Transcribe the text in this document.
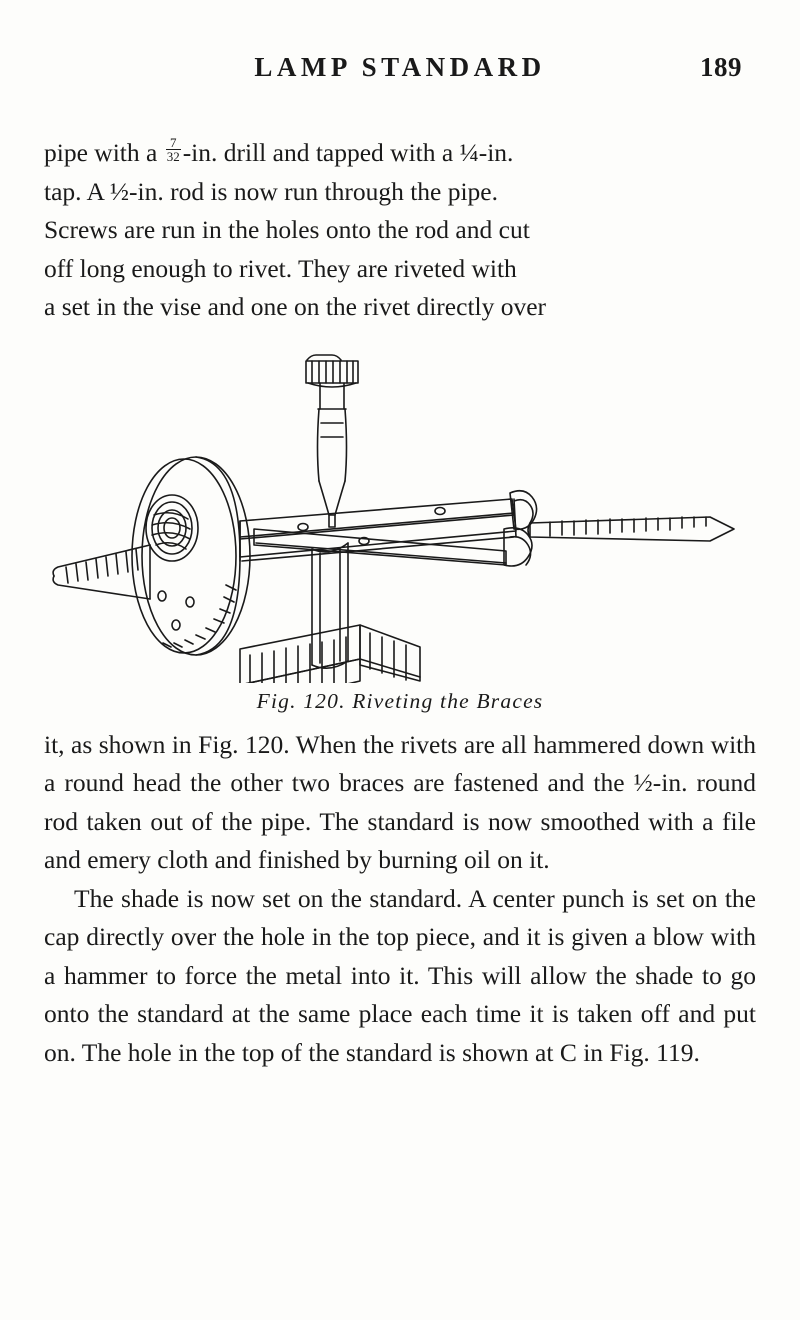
LAMP STANDARD	189

pipe with a $\frac{7}{32} -in$. drill and tapped with a ¼-in.
tap. A ½-in. rod is now run through the pipe.
Screws are run in the holes onto the rod and cut
off long enough to rivet. They are riveted with
a set in the vise and one on the rivet directly over

Fig. 120. Riveting the Braces

it, as shown in Fig. 120. When the rivets are all hammered down with a round head the other two braces are fastened and the ½-in. round rod taken out of the pipe. The standard is now smoothed with a file and emery cloth and finished by burning oil on it.

The shade is now set on the standard. A center punch is set on the cap directly over the hole in the top piece, and it is given a blow with a hammer to force the metal into it. This will allow the shade to go onto the standard at the same place each time it is taken off and put on. The hole in the top of the standard is shown at C in Fig. 119.
